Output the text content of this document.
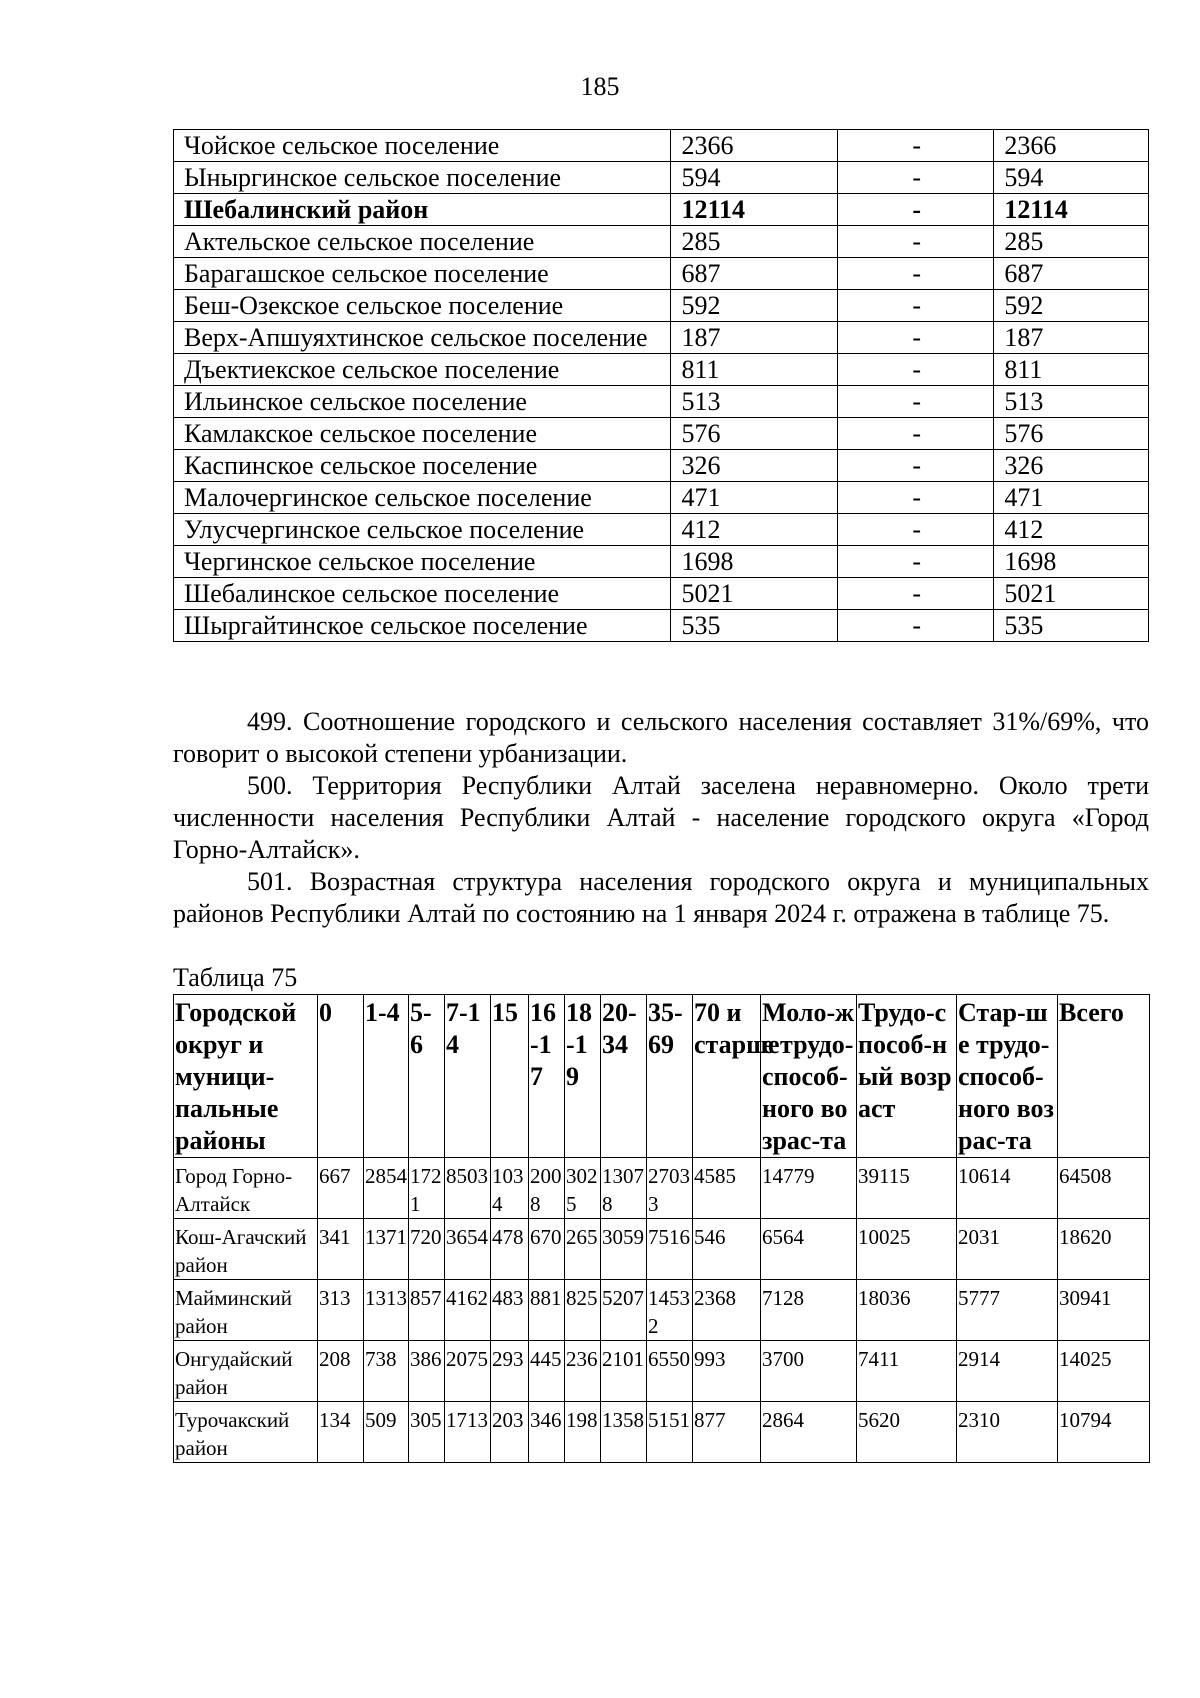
185
Чойское сельское поселение	2366	-	2366
Ыныргинское сельское поселение	594	-	594
Шебалинский район	12114	-	12114
Актельское сельское поселение	285	-	285
Барагашское сельское поселение	687	-	687
Беш-Озекское сельское поселение	592	-	592
Верх-Апшуяхтинское сельское поселение	187	-	187
Дъектиекское сельское поселение	811	-	811
Ильинское сельское поселение	513	-	513
Камлакское сельское поселение	576	-	576
Каспинское сельское поселение	326	-	326
Малочергинское сельское поселение	471	-	471
Улусчергинское сельское поселение	412	-	412
Чергинское сельское поселение	1698	-	1698
Шебалинское сельское поселение	5021	-	5021
Шыргайтинское сельское поселение	535	-	535

499. Соотношение городского и сельского населения составляет 31%/69%, что говорит о высокой степени урбанизации.

500. Территория Республики Алтай заселена неравномерно. Около трети численности населения Республики Алтай - население городского округа «Город Горно-Алтайск».

501. Возрастная структура населения городского округа и муниципальных районов Республики Алтай по состоянию на 1 января 2024 г. отражена в таблице 75.

Таблица 75

Городской округ и муници-пальные районы	0	1-4	5-6	7-14	15	16-17	18-19	20-34	35-69	70 и старше	Моло-же трудо-способ-ного возрас-та	Трудо-способ-ный возраст	Стар-ше трудо-способ-ного возрас-та	Всего
Город Горно-Алтайск	667	2854	1721	8503	1034	2008	3025	13078	27033	4585	14779	39115	10614	64508
Кош-Агачский район	341	1371	720	3654	478	670	265	3059	7516	546	6564	10025	2031	18620
Майминский район	313	1313	857	4162	483	881	825	5207	14532	2368	7128	18036	5777	30941
Онгудайский район	208	738	386	2075	293	445	236	2101	6550	993	3700	7411	2914	14025
Турочакский район	134	509	305	1713	203	346	198	1358	5151	877	2864	5620	2310	10794
